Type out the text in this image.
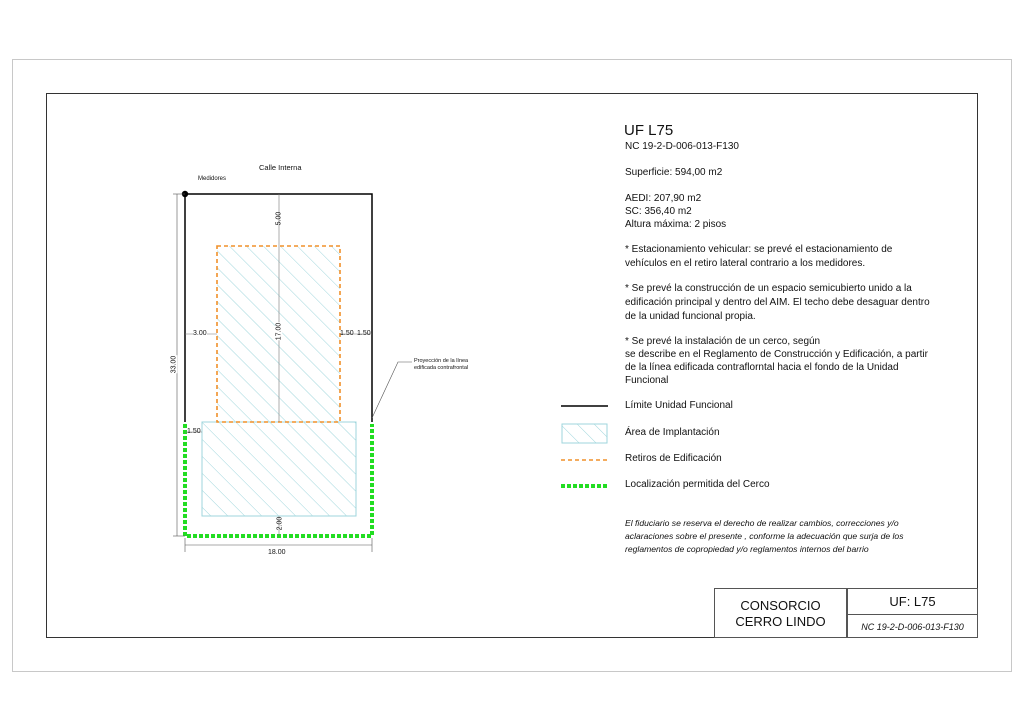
Calle Interna
Medidores
5.00
3.00	17.00	1.50 1.50
33.00
1.50
2.00
18.00
Proyección de la línea
edificada contrafrontal
UF L75
NC 19-2-D-006-013-F130
Superficie: 594,00 m2
AEDI: 207,90 m2
SC: 356,40 m2
Altura máxima: 2 pisos
* Estacionamiento vehicular: se prevé el estacionamiento de
vehículos en el retiro lateral contrario a los medidores.
* Se prevé la construcción de un espacio semicubierto unido a la
edificación principal y dentro del AIM. El techo debe desaguar dentro
de la unidad funcional propia.
* Se prevé la instalación de un cerco, según
se describe en el Reglamento de Construcción y Edificación, a partir
de la línea edificada contraflorntal hacia el fondo de la Unidad
Funcional
Límite Unidad Funcional
Área de Implantación
Retiros de Edificación
Localización permitida del Cerco
El fiduciario se reserva el derecho de realizar cambios, correcciones y/o aclaraciones sobre el presente , conforme la adecuación que surja de los reglamentos de copropiedad y/o reglamentos internos del barrio
CONSORCIO
CERRO LINDO
UF: L75
NC 19-2-D-006-013-F130
